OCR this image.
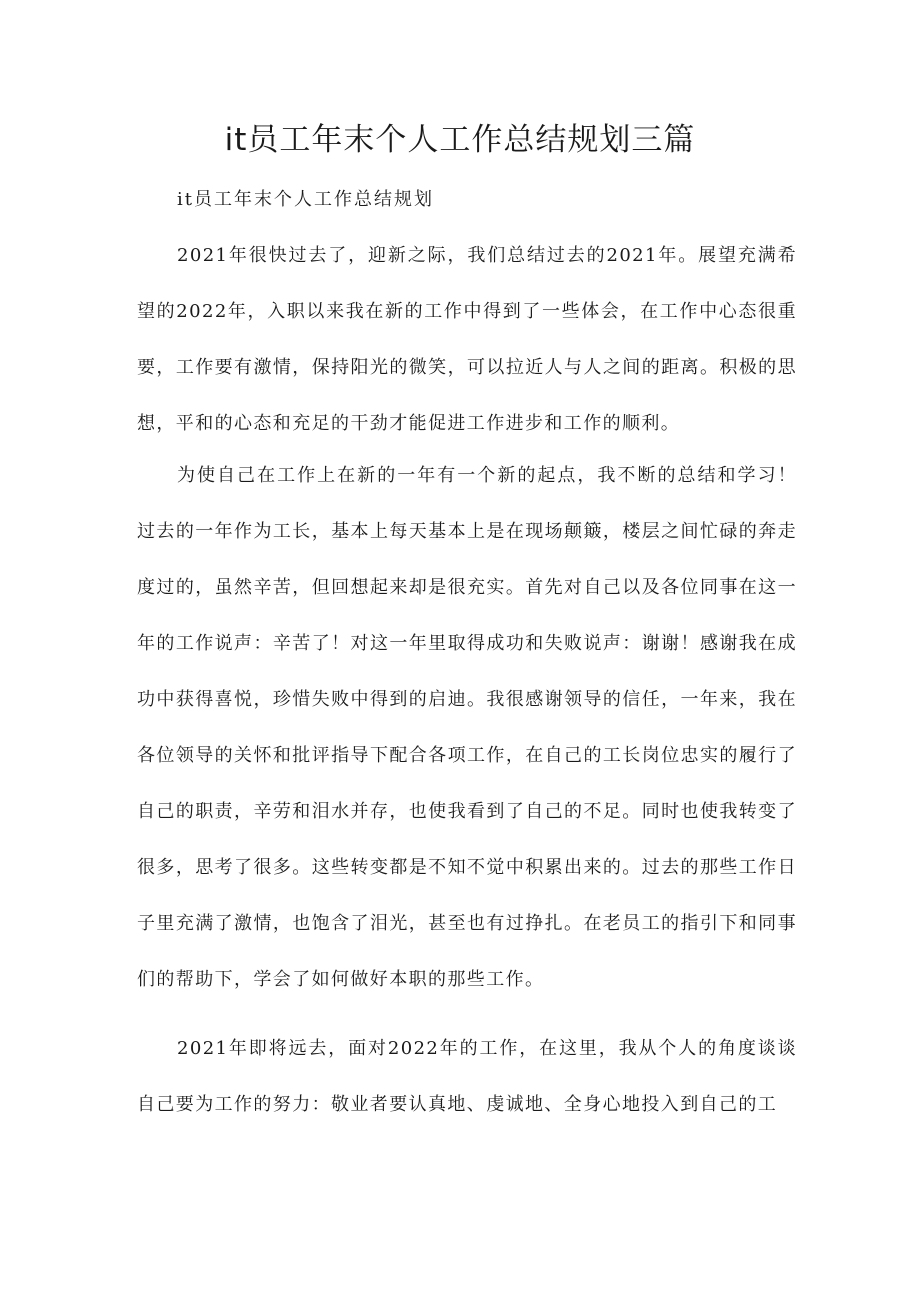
it员工年末个人工作总结规划三篇

it员工年末个人工作总结规划

2021年很快过去了，迎新之际，我们总结过去的2021年。展望充满希望的2022年，入职以来我在新的工作中得到了一些体会，在工作中心态很重要，工作要有激情，保持阳光的微笑，可以拉近人与人之间的距离。积极的思想，平和的心态和充足的干劲才能促进工作进步和工作的顺利。

为使自己在工作上在新的一年有一个新的起点，我不断的总结和学习！过去的一年作为工长，基本上每天基本上是在现场颠簸，楼层之间忙碌的奔走度过的，虽然辛苦，但回想起来却是很充实。首先对自己以及各位同事在这一年的工作说声：辛苦了！对这一年里取得成功和失败说声：谢谢！感谢我在成功中获得喜悦，珍惜失败中得到的启迪。我很感谢领导的信任，一年来，我在各位领导的关怀和批评指导下配合各项工作，在自己的工长岗位忠实的履行了自己的职责，辛劳和泪水并存，也使我看到了自己的不足。同时也使我转变了很多，思考了很多。这些转变都是不知不觉中积累出来的。过去的那些工作日子里充满了激情，也饱含了泪光，甚至也有过挣扎。在老员工的指引下和同事们的帮助下，学会了如何做好本职的那些工作。

2021年即将远去，面对2022年的工作，在这里，我从个人的角度谈谈自己要为工作的努力：敬业者要认真地、虔诚地、全身心地投入到自己的工
